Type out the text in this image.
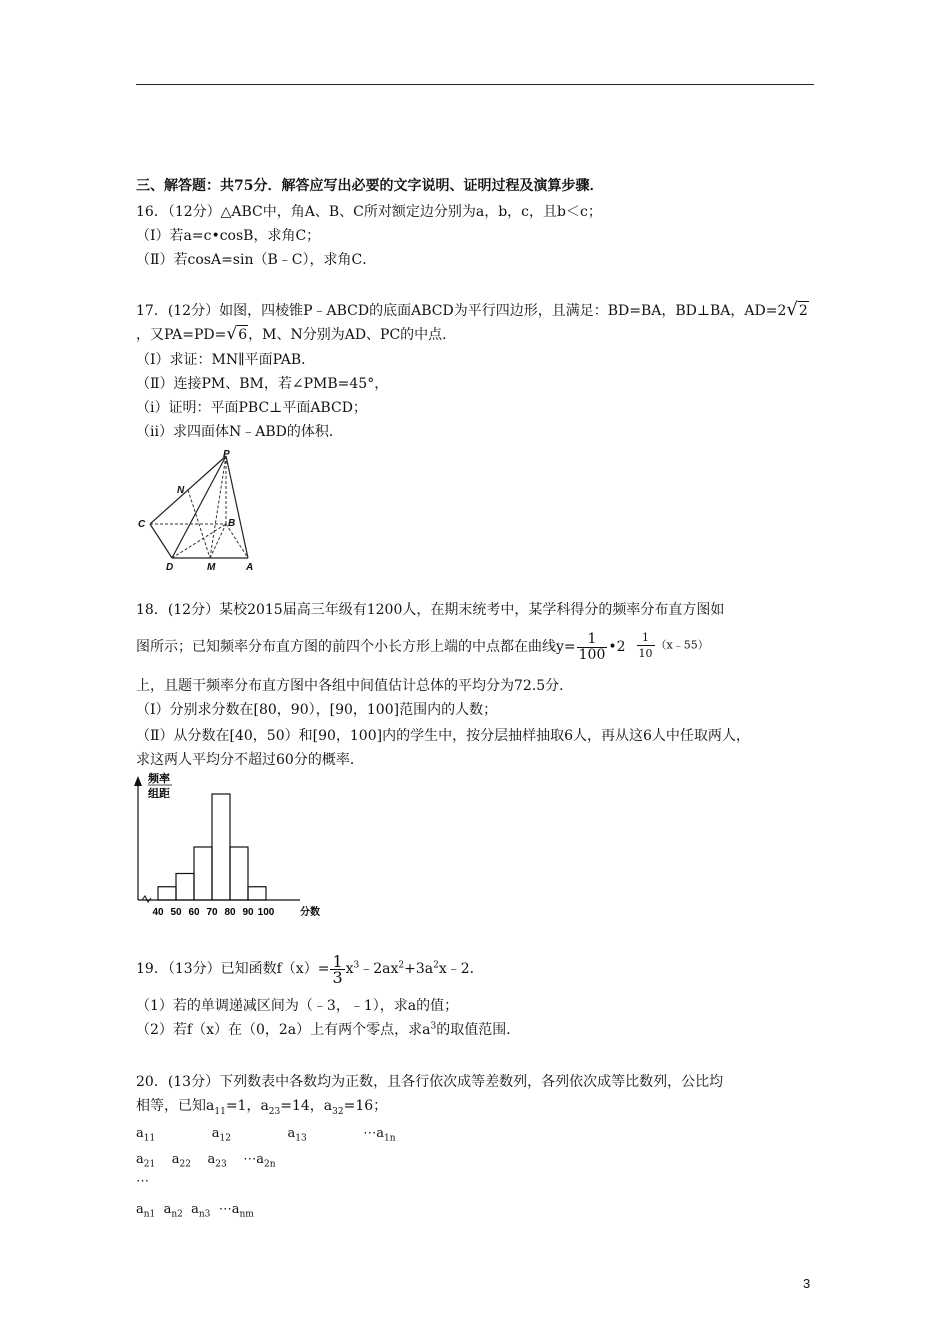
三、解答题：共75分．解答应写出必要的文字说明、证明过程及演算步骤．
16．（12分）△ABC中，角A、B、C所对额定边分别为a，b，c，且b＜c；
（Ⅰ）若a=c•cosB，求角C；
（Ⅱ）若cosA=sin（B﹣C），求角C．
17．(12分）如图，四棱锥P﹣ABCD的底面ABCD为平行四边形，且满足：BD=BA，BD⊥BA，AD=2√2
，又PA=PD=√6，M、N分别为AD、PC的中点．
（Ⅰ）求证：MN∥平面PAB．
（Ⅱ）连接PM、BM，若∠PMB=45°，
（i）证明：平面PBC⊥平面ABCD；
（ii）求四面体N﹣ABD的体积．
P
N
C	B
D	M	A
18．(12分）某校2015届高三年级有1200人，在期末统考中，某学科得分的频率分布直方图如
图所示；已知频率分布直方图的前四个小长方形上端的中点都在曲线$y= \frac{1}{100}$ •2 $\frac{1}{10}$ （x﹣55）
上，且题干频率分布直方图中各组中间值估计总体的平均分为72.5分．
（Ⅰ）分别求分数在[80，90），[90，100]范围内的人数；
（Ⅱ）从分数在[40，50）和[90，100]内的学生中，按分层抽样抽取6人，再从这6人中任取两人，
求这两人平均分不超过60分的概率．
频率
组距
40 50 60 70 80 90 100	分数
19．（13分）已知函数$f(x)= \frac{1}{3}$ $x^3﹣2ax^2+3a^2x﹣2$．
（1）若的单调递减区间为（﹣3，﹣1），求a的值；
（2）若f（x）在（0，2a）上有两个零点，求$a^3$的取值范围．
20．(13分）下列数表中各数均为正数，且各行依次成等差数列，各列依次成等比数列，公比均
相等，已知$a_{11}=1$，$a_{23}=14$，$a_{32}=16$；
$a_{11}$	$a_{12}$	$a_{13}$	$\cdots a_{1n}$
$a_{21}$ $a_{22}$ $a_{23}$ $\cdots a_{2n}$
⋯
$a_{n1}$ $a_{n2}$ $a_{n3}$ $\cdots a_{nm}$
3
